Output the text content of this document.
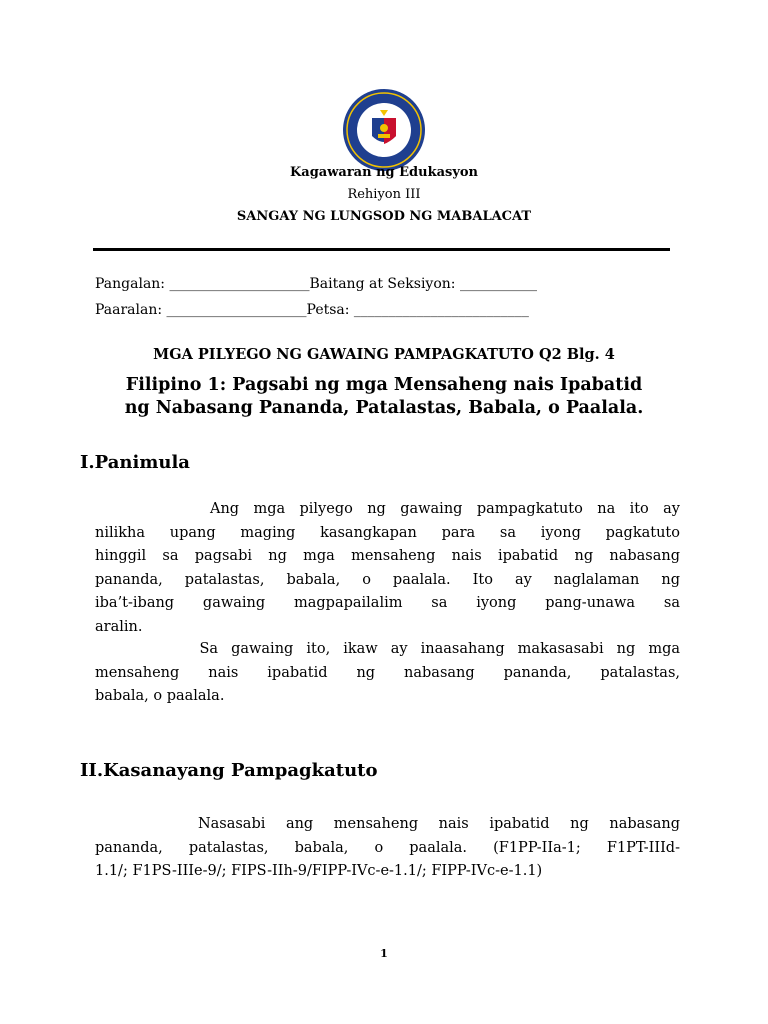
Kagawaran ng Edukasyon
Rehiyon III
SANGAY NG LUNGSOD NG MABALACAT
Pangalan: ____________________Baitang at Seksiyon: ___________
Paaralan: ____________________Petsa: _________________________
MGA PILYEGO NG GAWAING PAMPAGKATUTO Q2 Blg. 4
Filipino 1: Pagsabi ng mga Mensaheng nais Ipabatid
ng Nabasang Pananda, Patalastas, Babala, o Paalala.
I.Panimula
Ang mga pilyego ng gawaing pampagkatuto na ito ay
nilikha upang maging kasangkapan para sa iyong pagkatuto
hinggil sa pagsabi ng mga mensaheng nais ipabatid ng nabasang
pananda, patalastas, babala, o paalala. Ito ay naglalaman ng
iba’t-ibang gawaing magpapailalim sa iyong pang-unawa sa
aralin.
Sa gawaing ito, ikaw ay inaasahang makasasabi ng mga
mensaheng nais ipabatid ng nabasang pananda, patalastas,
babala, o paalala.
II.Kasanayang Pampagkatuto
Nasasabi ang mensaheng nais ipabatid ng nabasang
pananda, patalastas, babala, o paalala. (F1PP-IIa-1; F1PT-IIId-
1.1/; F1PS-IIIe-9/; FIPS-IIh-9/FIPP-IVc-e-1.1/; FIPP-IVc-e-1.1)
1
